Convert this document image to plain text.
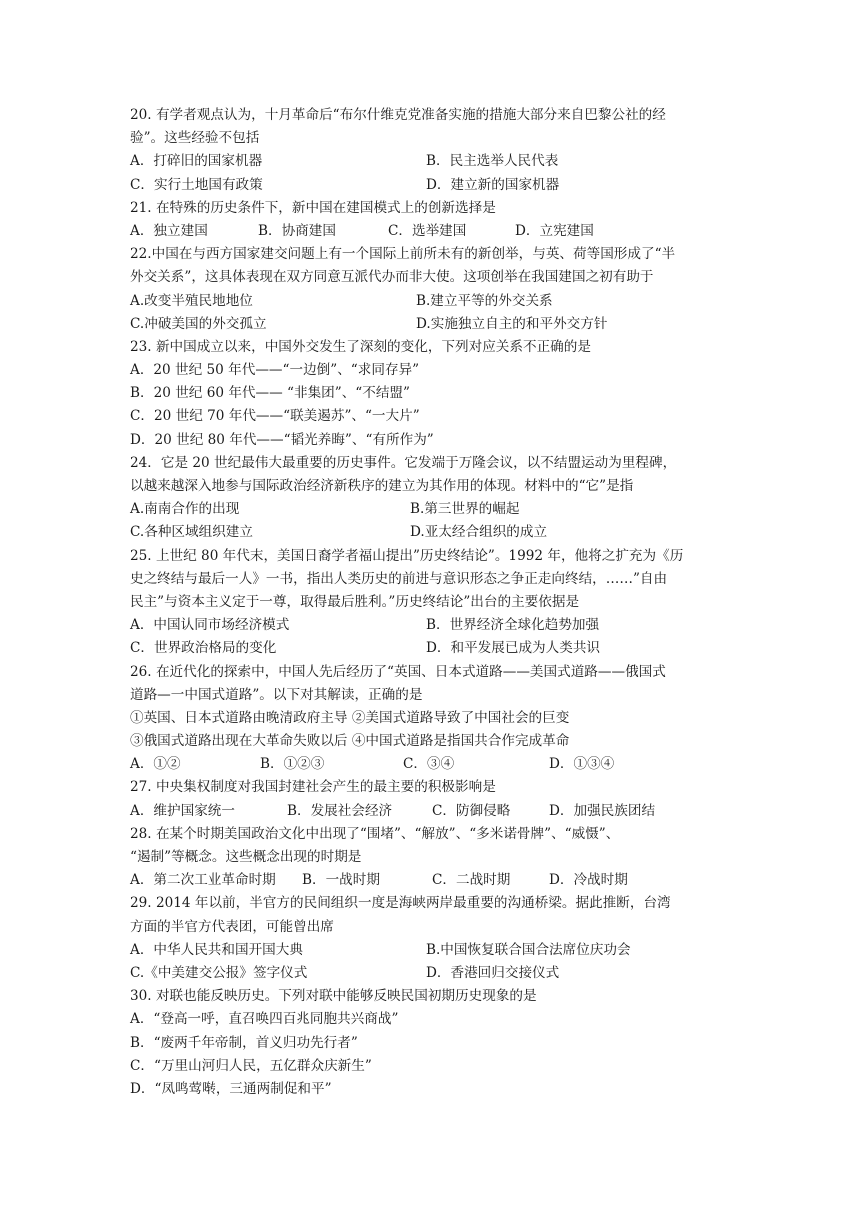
20. 有学者观点认为，十月革命后“布尔什维克党准备实施的措施大部分来自巴黎公社的经
验”。这些经验不包括
A．打碎旧的国家机器	B．民主选举人民代表
C．实行土地国有政策	D．建立新的国家机器
21. 在特殊的历史条件下，新中国在建国模式上的创新选择是
A．独立建国	B．协商建国	C．选举建国	D．立宪建国
22.中国在与西方国家建交问题上有一个国际上前所未有的新创举，与英、荷等国形成了“半
外交关系”，这具体表现在双方同意互派代办而非大使。这项创举在我国建国之初有助于
A.改变半殖民地地位	B.建立平等的外交关系
C.冲破美国的外交孤立	D.实施独立自主的和平外交方针
23. 新中国成立以来，中国外交发生了深刻的变化，下列对应关系不正确的是
A．20 世纪 50 年代——“一边倒”、“求同存异”
B．20 世纪 60 年代—— “非集团”、“不结盟”
C．20 世纪 70 年代——“联美遏苏”、“一大片”
D．20 世纪 80 年代——“韬光养晦”、“有所作为”
24．它是 20 世纪最伟大最重要的历史事件。它发端于万隆会议，以不结盟运动为里程碑，
以越来越深入地参与国际政治经济新秩序的建立为其作用的体现。材料中的“它”是指
A.南南合作的出现	B.第三世界的崛起
C.各种区域组织建立	D.亚太经合组织的成立
25. 上世纪 80 年代末，美国日裔学者福山提出”历史终结论”。1992 年，他将之扩充为《历
史之终结与最后一人》一书，指出人类历史的前进与意识形态之争正走向终结，……”自由
民主”与资本主义定于一尊，取得最后胜利。”历史终结论”出台的主要依据是
A．中国认同市场经济模式	B．世界经济全球化趋势加强
C．世界政治格局的变化	D．和平发展已成为人类共识
26. 在近代化的探索中，中国人先后经历了“英国、日本式道路——美国式道路——俄国式
道路—一中国式道路”。以下对其解读，正确的是
①英国、日本式道路由晚清政府主导 ②美国式道路导致了中国社会的巨变
③俄国式道路出现在大革命失败以后 ④中国式道路是指国共合作完成革命
A．①②	B．①②③	C．③④	D．①③④
27. 中央集权制度对我国封建社会产生的最主要的积极影响是
A．维护国家统一	B．发展社会经济	C．防御侵略	D．加强民族团结
28. 在某个时期美国政治文化中出现了“围堵”、“解放”、“多米诺骨牌”、“威慑”、
“遏制”等概念。这些概念出现的时期是
A．第二次工业革命时期	B．一战时期	C．二战时期	D．冷战时期
29. 2014 年以前，半官方的民间组织一度是海峡两岸最重要的沟通桥梁。据此推断，台湾
方面的半官方代表团，可能曾出席
A．中华人民共和国开国大典	B.中国恢复联合国合法席位庆功会
C.《中美建交公报》签字仪式	D．香港回归交接仪式
30. 对联也能反映历史。下列对联中能够反映民国初期历史现象的是
A．“登高一呼，直召唤四百兆同胞共兴商战”
B．“废两千年帝制，首义归功先行者”
C．“万里山河归人民，五亿群众庆新生”
D．“凤鸣莺啭，三通两制促和平”
